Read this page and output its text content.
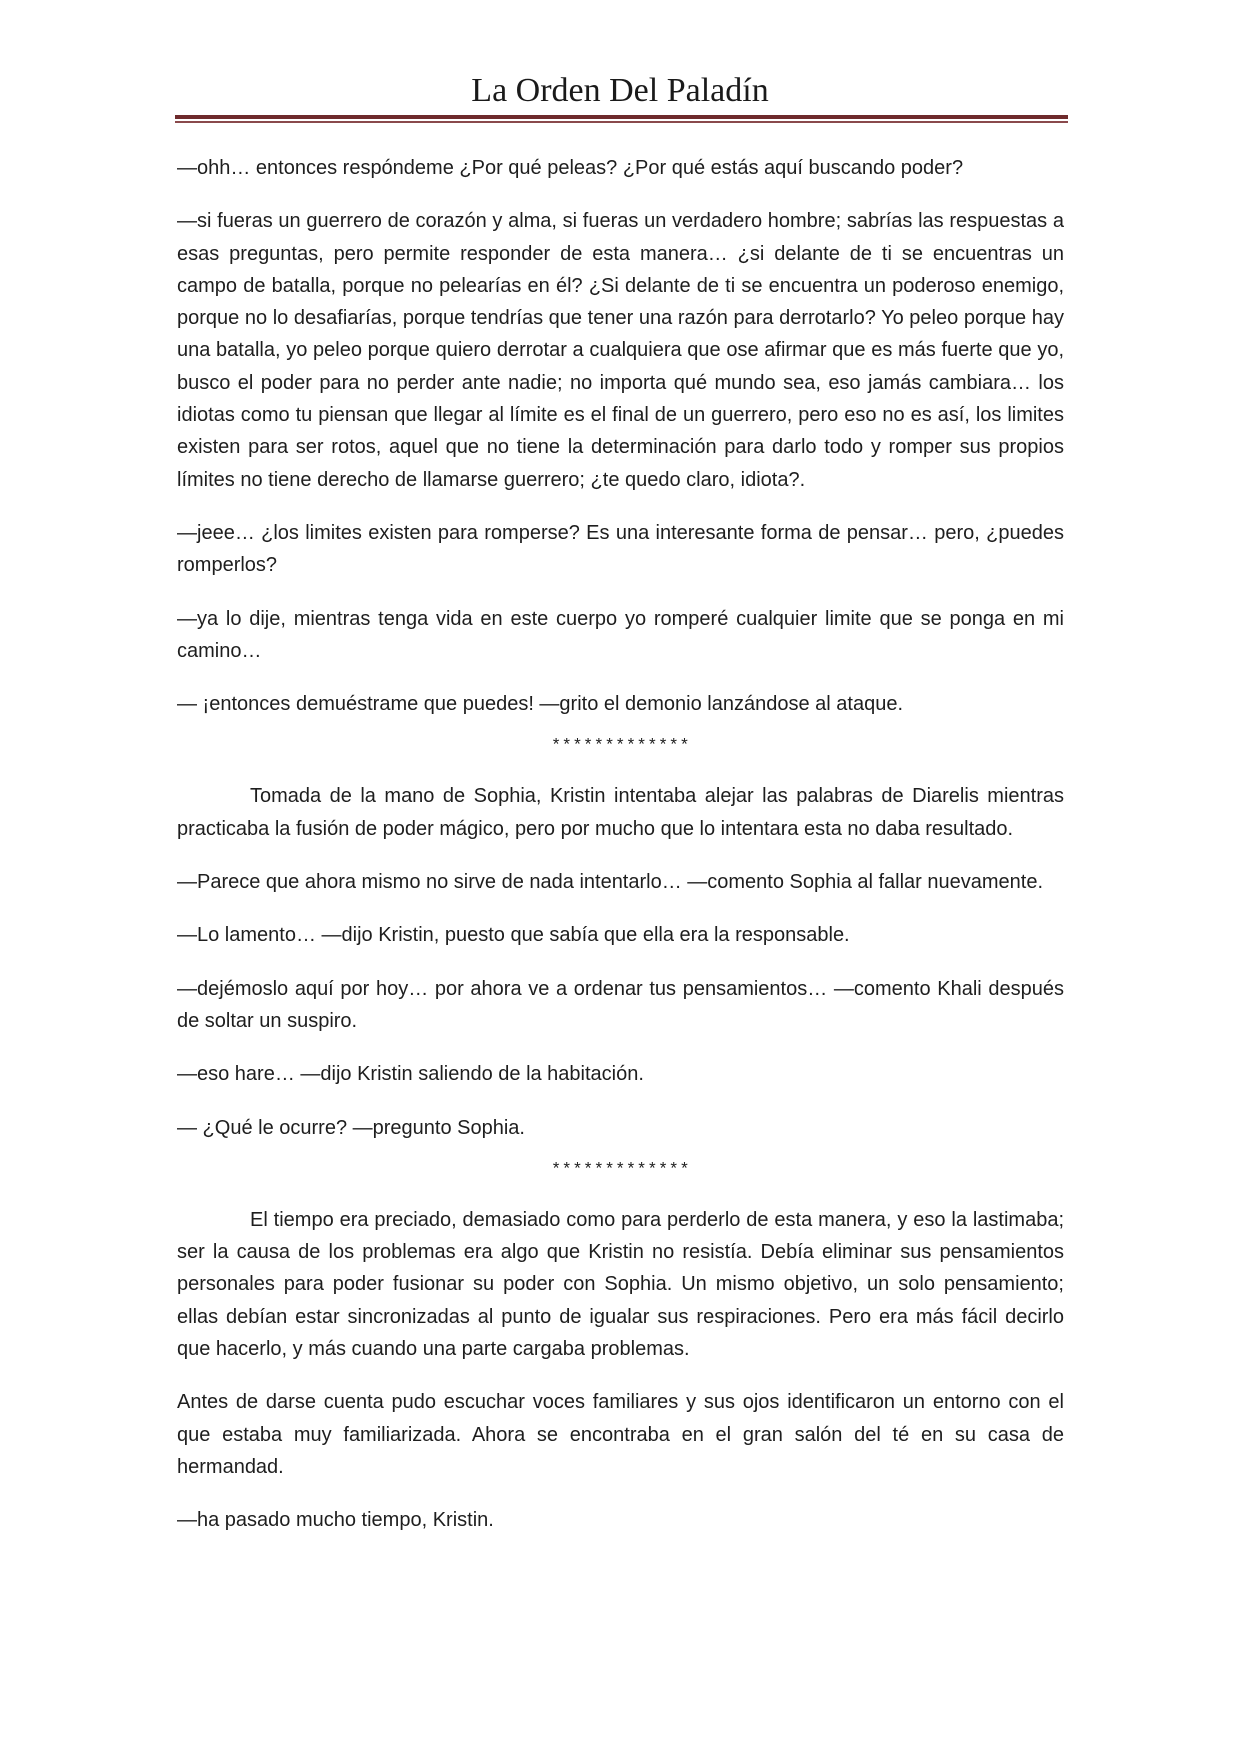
La Orden Del Paladín

—ohh… entonces respóndeme ¿Por qué peleas? ¿Por qué estás aquí buscando poder?

—si fueras un guerrero de corazón y alma, si fueras un verdadero hombre; sabrías las respuestas a esas preguntas, pero permite responder de esta manera… ¿si delante de ti se encuentras un campo de batalla, porque no pelearías en él? ¿Si delante de ti se encuentra un poderoso enemigo, porque no lo desafiarías, porque tendrías que tener una razón para derrotarlo? Yo peleo porque hay una batalla, yo peleo porque quiero derrotar a cualquiera que ose afirmar que es más fuerte que yo, busco el poder para no perder ante nadie; no importa qué mundo sea, eso jamás cambiara… los idiotas como tu piensan que llegar al límite es el final de un guerrero, pero eso no es así, los limites existen para ser rotos, aquel que no tiene la determinación para darlo todo y romper sus propios límites no tiene derecho de llamarse guerrero; ¿te quedo claro, idiota?.

—jeee… ¿los limites existen para romperse? Es una interesante forma de pensar… pero, ¿puedes romperlos?

—ya lo dije, mientras tenga vida en este cuerpo yo romperé cualquier limite que se ponga en mi camino…

— ¡entonces demuéstrame que puedes! —grito el demonio lanzándose al ataque.

*************

Tomada de la mano de Sophia, Kristin intentaba alejar las palabras de Diarelis mientras practicaba la fusión de poder mágico, pero por mucho que lo intentara esta no daba resultado.

—Parece que ahora mismo no sirve de nada intentarlo… —comento Sophia al fallar nuevamente.

—Lo lamento… —dijo Kristin, puesto que sabía que ella era la responsable.

—dejémoslo aquí por hoy… por ahora ve a ordenar tus pensamientos… —comento Khali después de soltar un suspiro.

—eso hare… —dijo Kristin saliendo de la habitación.

— ¿Qué le ocurre? —pregunto Sophia.

*************

El tiempo era preciado, demasiado como para perderlo de esta manera, y eso la lastimaba; ser la causa de los problemas era algo que Kristin no resistía. Debía eliminar sus pensamientos personales para poder fusionar su poder con Sophia. Un mismo objetivo, un solo pensamiento; ellas debían estar sincronizadas al punto de igualar sus respiraciones. Pero era más fácil decirlo que hacerlo, y más cuando una parte cargaba problemas.

Antes de darse cuenta pudo escuchar voces familiares y sus ojos identificaron un entorno con el que estaba muy familiarizada. Ahora se encontraba en el gran salón del té en su casa de hermandad.

—ha pasado mucho tiempo, Kristin.
